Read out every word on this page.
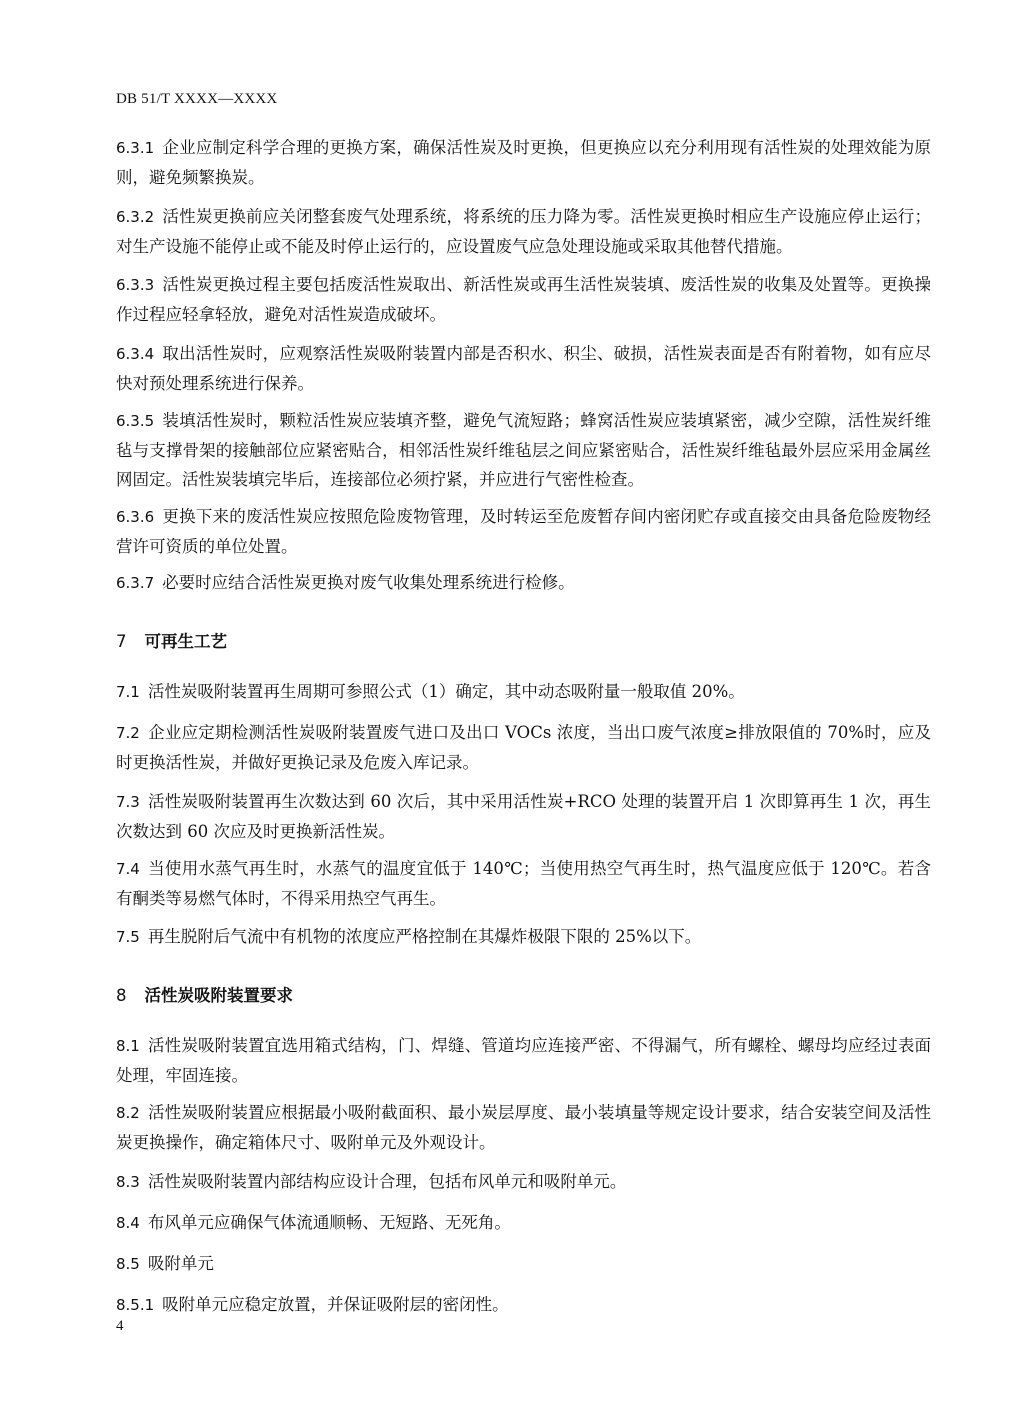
DB 51/T XXXX—XXXX
6.3.1 企业应制定科学合理的更换方案，确保活性炭及时更换，但更换应以充分利用现有活性炭的处理效能为原则，避免频繁换炭。
6.3.2 活性炭更换前应关闭整套废气处理系统，将系统的压力降为零。活性炭更换时相应生产设施应停止运行；对生产设施不能停止或不能及时停止运行的，应设置废气应急处理设施或采取其他替代措施。
6.3.3 活性炭更换过程主要包括废活性炭取出、新活性炭或再生活性炭装填、废活性炭的收集及处置等。更换操作过程应轻拿轻放，避免对活性炭造成破坏。
6.3.4 取出活性炭时，应观察活性炭吸附装置内部是否积水、积尘、破损，活性炭表面是否有附着物，如有应尽快对预处理系统进行保养。
6.3.5 装填活性炭时，颗粒活性炭应装填齐整，避免气流短路；蜂窝活性炭应装填紧密，减少空隙，活性炭纤维毡与支撑骨架的接触部位应紧密贴合，相邻活性炭纤维毡层之间应紧密贴合，活性炭纤维毡最外层应采用金属丝网固定。活性炭装填完毕后，连接部位必须拧紧，并应进行气密性检查。
6.3.6 更换下来的废活性炭应按照危险废物管理，及时转运至危废暂存间内密闭贮存或直接交由具备危险废物经营许可资质的单位处置。
6.3.7 必要时应结合活性炭更换对废气收集处理系统进行检修。
7 可再生工艺
7.1 活性炭吸附装置再生周期可参照公式（1）确定，其中动态吸附量一般取值 20%。
7.2 企业应定期检测活性炭吸附装置废气进口及出口 VOCs 浓度，当出口废气浓度≥排放限值的 70%时，应及时更换活性炭，并做好更换记录及危废入库记录。
7.3 活性炭吸附装置再生次数达到 60 次后，其中采用活性炭+RCO 处理的装置开启 1 次即算再生 1 次，再生次数达到 60 次应及时更换新活性炭。
7.4 当使用水蒸气再生时，水蒸气的温度宜低于 140℃；当使用热空气再生时，热气温度应低于 120℃。若含有酮类等易燃气体时，不得采用热空气再生。
7.5 再生脱附后气流中有机物的浓度应严格控制在其爆炸极限下限的 25%以下。
8 活性炭吸附装置要求
8.1 活性炭吸附装置宜选用箱式结构，门、焊缝、管道均应连接严密、不得漏气，所有螺栓、螺母均应经过表面处理，牢固连接。
8.2 活性炭吸附装置应根据最小吸附截面积、最小炭层厚度、最小装填量等规定设计要求，结合安装空间及活性炭更换操作，确定箱体尺寸、吸附单元及外观设计。
8.3 活性炭吸附装置内部结构应设计合理，包括布风单元和吸附单元。
8.4 布风单元应确保气体流通顺畅、无短路、无死角。
8.5 吸附单元
8.5.1 吸附单元应稳定放置，并保证吸附层的密闭性。
4
